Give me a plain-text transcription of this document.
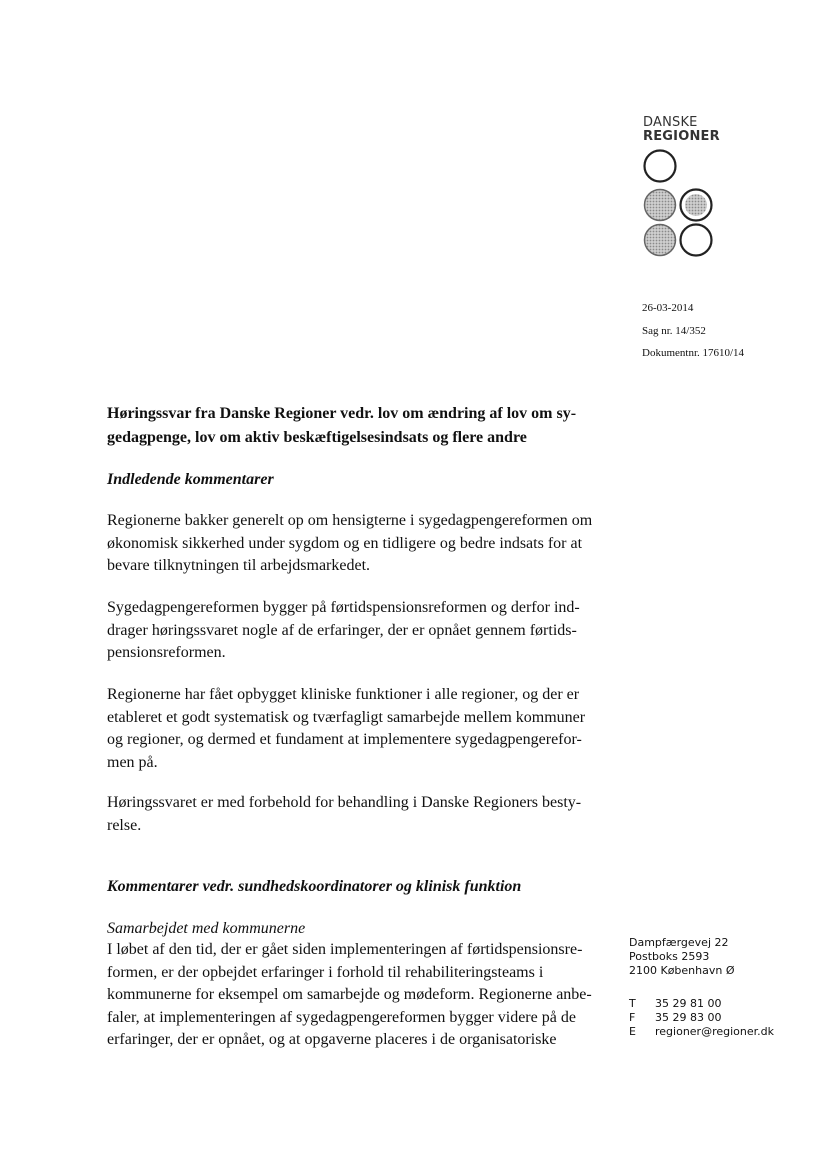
DANSKE
REGIONER
26-03-2014
Sag nr. 14/352
Dokumentnr. 17610/14
Høringssvar fra Danske Regioner vedr. lov om ændring af lov om sy-
gedagpenge, lov om aktiv beskæftigelsesindsats og flere andre
Indledende kommentarer
Regionerne bakker generelt op om hensigterne i sygedagpengereformen om
økonomisk sikkerhed under sygdom og en tidligere og bedre indsats for at
bevare tilknytningen til arbejdsmarkedet.
Sygedagpengereformen bygger på førtidspensionsreformen og derfor ind-
drager høringssvaret nogle af de erfaringer, der er opnået gennem førtids-
pensionsreformen.
Regionerne har fået opbygget kliniske funktioner i alle regioner, og der er
etableret et godt systematisk og tværfagligt samarbejde mellem kommuner
og regioner, og dermed et fundament at implementere sygedagpengerefor-
men på.
Høringssvaret er med forbehold for behandling i Danske Regioners besty-
relse.
Kommentarer vedr. sundhedskoordinatorer og klinisk funktion
Samarbejdet med kommunerne
I løbet af den tid, der er gået siden implementeringen af førtidspensionsre-
formen, er der opbejdet erfaringer i forhold til rehabiliteringsteams i
kommunerne for eksempel om samarbejde og mødeform. Regionerne anbe-
faler, at implementeringen af sygedagpengereformen bygger videre på de
erfaringer, der er opnået, og at opgaverne placeres i de organisatoriske
Dampfærgevej 22
Postboks 2593
2100 København Ø
T	35 29 81 00
F	35 29 83 00
E	regioner@regioner.dk
